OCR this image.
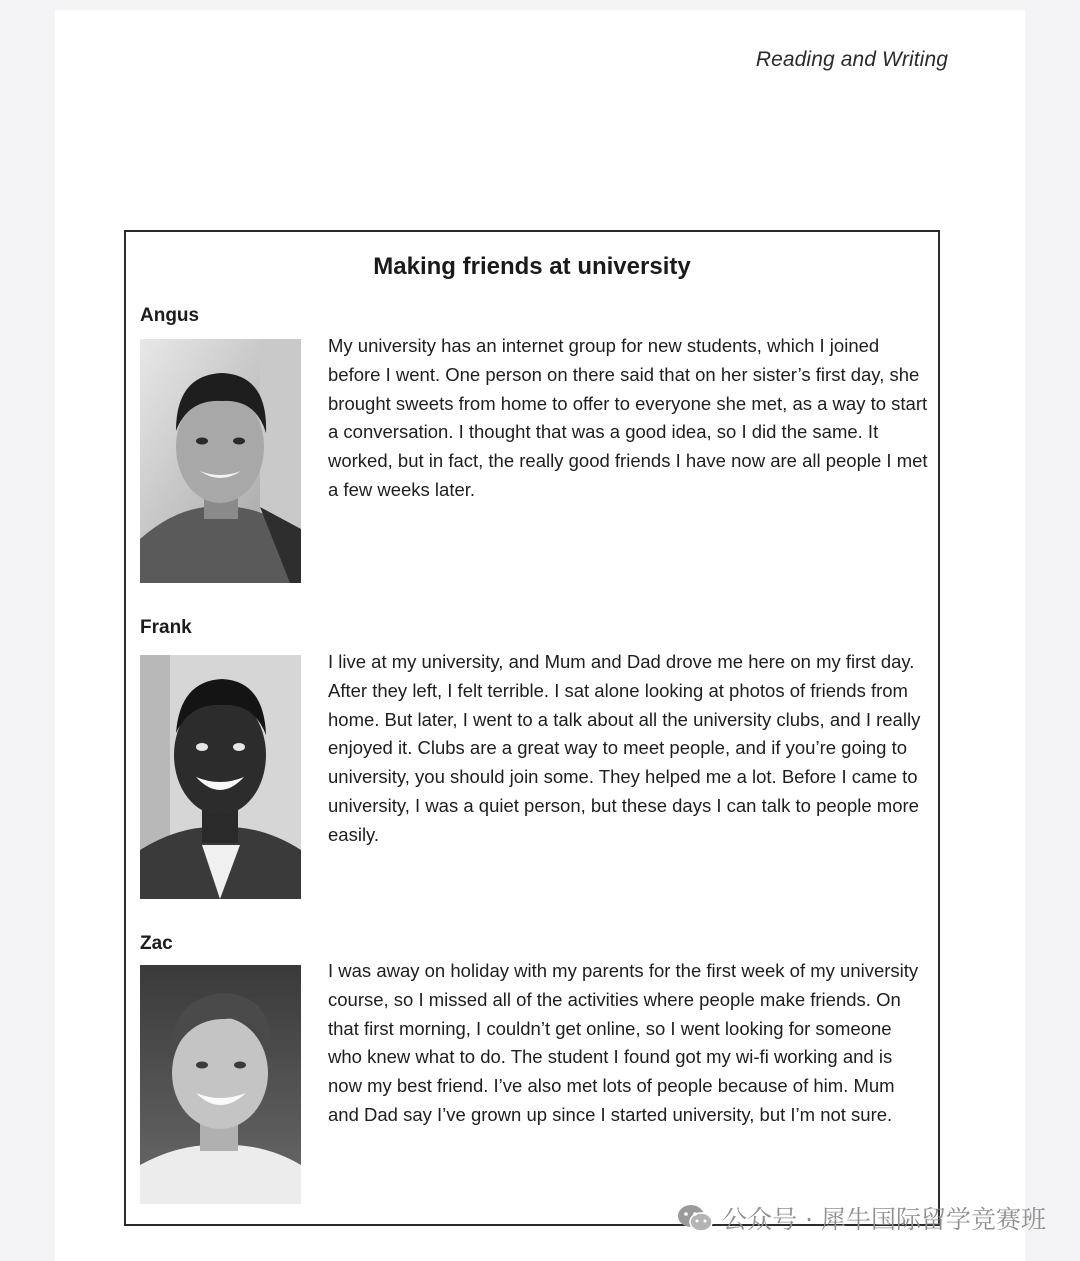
Reading and Writing
Making friends at university
Angus

My university has an internet group for new students, which I joined before I went. One person on there said that on her sister’s first day, she brought sweets from home to offer to everyone she met, as a way to start a conversation. I thought that was a good idea, so I did the same. It worked, but in fact, the really good friends I have now are all people I met a few weeks later.

Frank

I live at my university, and Mum and Dad drove me here on my first day. After they left, I felt terrible. I sat alone looking at photos of friends from home. But later, I went to a talk about all the university clubs, and I really enjoyed it. Clubs are a great way to meet people, and if you’re going to university, you should join some. They helped me a lot. Before I came to university, I was a quiet person, but these days I can talk to people more easily.

Zac

I was away on holiday with my parents for the first week of my university course, so I missed all of the activities where people make friends. On that first morning, I couldn’t get online, so I went looking for someone who knew what to do. The student I found got my wi-fi working and is now my best friend. I’ve also met lots of people because of him. Mum and Dad say I’ve grown up since I started university, but I’m not sure.

公众号 · 犀牛国际留学竞赛班
